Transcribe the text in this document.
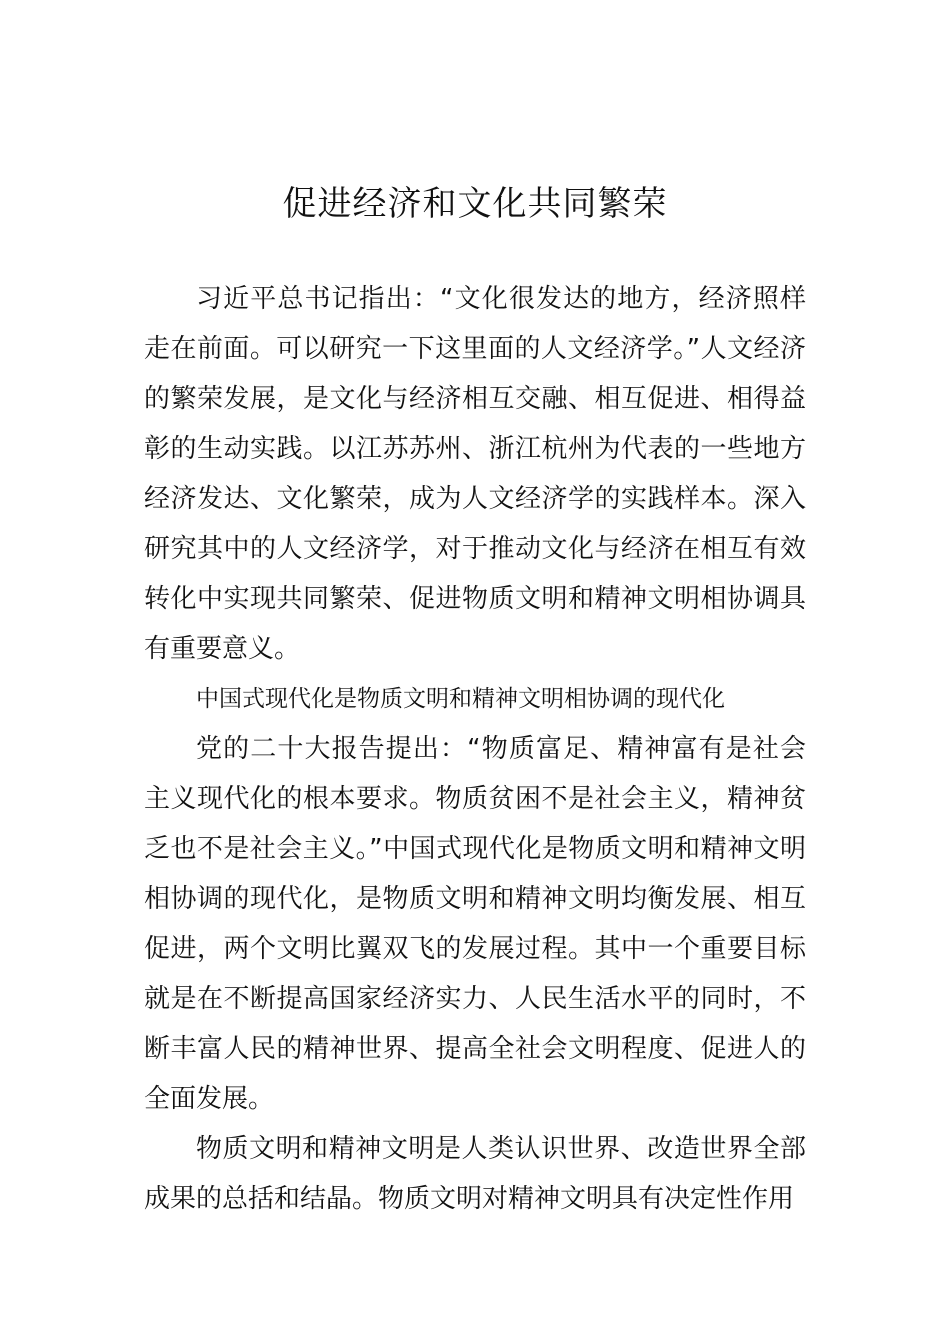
促进经济和文化共同繁荣

习近平总书记指出：“文化很发达的地方，经济照样走在前面。可以研究一下这里面的人文经济学。”人文经济的繁荣发展，是文化与经济相互交融、相互促进、相得益彰的生动实践。以江苏苏州、浙江杭州为代表的一些地方经济发达、文化繁荣，成为人文经济学的实践样本。深入研究其中的人文经济学，对于推动文化与经济在相互有效转化中实现共同繁荣、促进物质文明和精神文明相协调具有重要意义。

中国式现代化是物质文明和精神文明相协调的现代化

党的二十大报告提出：“物质富足、精神富有是社会主义现代化的根本要求。物质贫困不是社会主义，精神贫乏也不是社会主义。”中国式现代化是物质文明和精神文明相协调的现代化，是物质文明和精神文明均衡发展、相互促进，两个文明比翼双飞的发展过程。其中一个重要目标就是在不断提高国家经济实力、人民生活水平的同时，不断丰富人民的精神世界、提高全社会文明程度、促进人的全面发展。

物质文明和精神文明是人类认识世界、改造世界全部成果的总括和结晶。物质文明对精神文明具有决定性作用
